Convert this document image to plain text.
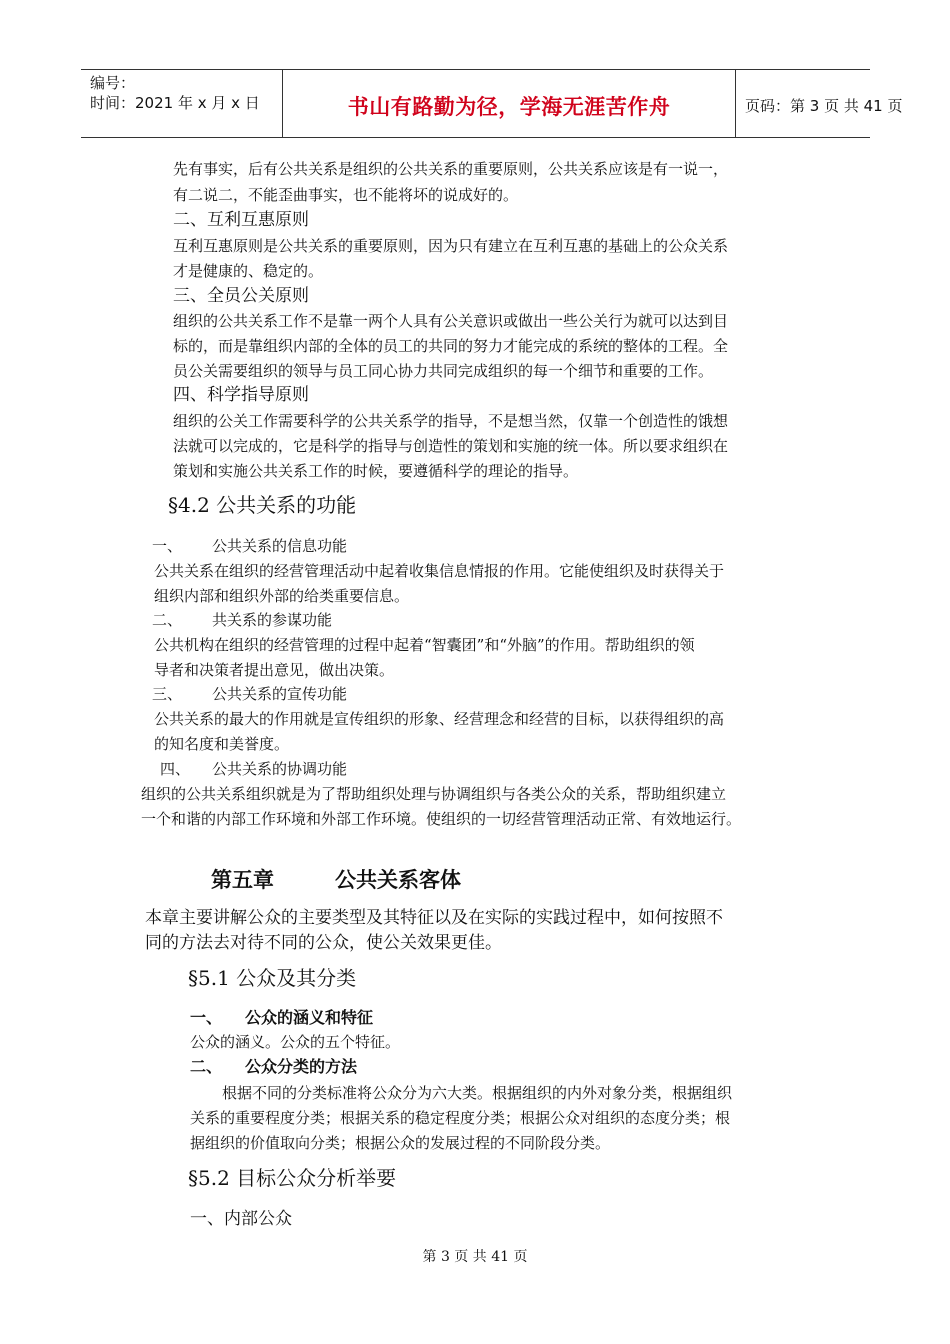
编号：
时间：2021 年 x 月 x 日	书山有路勤为径，学海无涯苦作舟	页码：第 3 页 共 41 页
先有事实，后有公共关系是组织的公共关系的重要原则，公共关系应该是有一说一，
有二说二，不能歪曲事实，也不能将坏的说成好的。
二、互利互惠原则
互利互惠原则是公共关系的重要原则，因为只有建立在互利互惠的基础上的公众关系
才是健康的、稳定的。
三、全员公关原则
组织的公共关系工作不是靠一两个人具有公关意识或做出一些公关行为就可以达到目
标的，而是靠组织内部的全体的员工的共同的努力才能完成的系统的整体的工程。全
员公关需要组织的领导与员工同心协力共同完成组织的每一个细节和重要的工作。
四、科学指导原则
组织的公关工作需要科学的公共关系学的指导，不是想当然，仅靠一个创造性的饿想
法就可以完成的，它是科学的指导与创造性的策划和实施的统一体。所以要求组织在
策划和实施公共关系工作的时候，要遵循科学的理论的指导。
§4.2 公共关系的功能
一、 公共关系的信息功能
公共关系在组织的经营管理活动中起着收集信息情报的作用。它能使组织及时获得关于
组织内部和组织外部的给类重要信息。
二、 共关系的参谋功能
公共机构在组织的经营管理的过程中起着“智囊团”和“外脑”的作用。帮助组织的领
导者和决策者提出意见，做出决策。
三、 公共关系的宣传功能
公共关系的最大的作用就是宣传组织的形象、经营理念和经营的目标，以获得组织的高
的知名度和美誉度。
四、 公共关系的协调功能
组织的公共关系组织就是为了帮助组织处理与协调组织与各类公众的关系，帮助组织建立
一个和谐的内部工作环境和外部工作环境。使组织的一切经营管理活动正常、有效地运行。
第五章	公共关系客体
本章主要讲解公众的主要类型及其特征以及在实际的实践过程中，如何按照不
同的方法去对待不同的公众，使公关效果更佳。
§5.1 公众及其分类
一、 公众的涵义和特征
公众的涵义。公众的五个特征。
二、 公众分类的方法
根据不同的分类标准将公众分为六大类。根据组织的内外对象分类，根据组织
关系的重要程度分类；根据关系的稳定程度分类；根据公众对组织的态度分类；根
据组织的价值取向分类；根据公众的发展过程的不同阶段分类。
§5.2 目标公众分析举要
一、内部公众
第 3 页 共 41 页
